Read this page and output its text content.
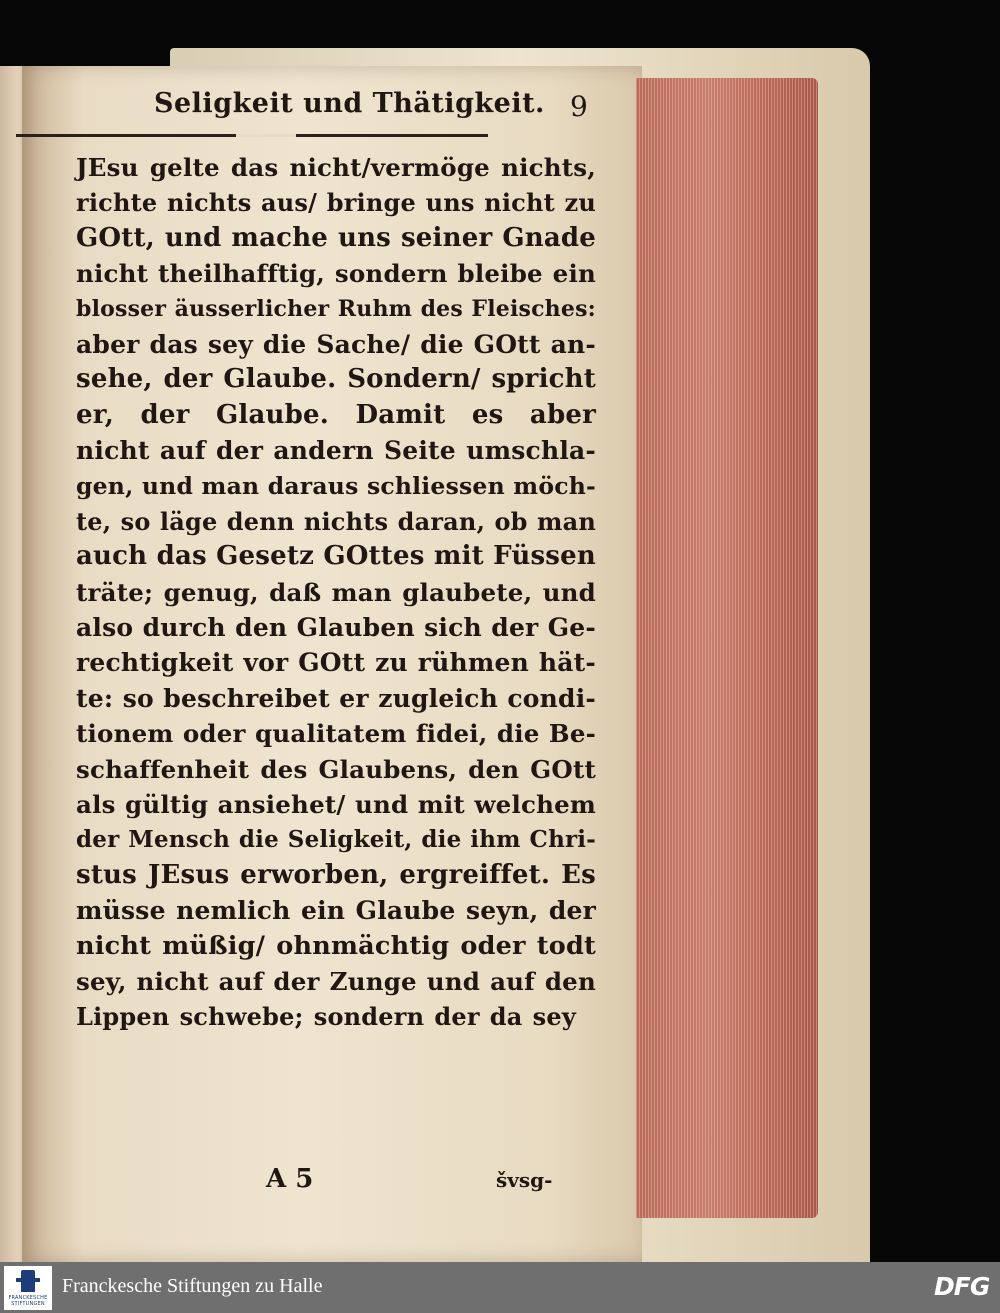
Seligkeit und Thätigkeit. 9
JEsu gelte das nicht/vermöge nichts,
richte nichts aus/ bringe uns nicht zu
GOtt, und mache uns seiner Gnade
nicht theilhafftig, sondern bleibe ein
blosser äusserlicher Ruhm des Fleisches:
aber das sey die Sache/ die GOtt an-
sehe, der Glaube. Sondern/ spricht
er, der Glaube. Damit es aber
nicht auf der andern Seite umschla-
gen, und man daraus schliessen möch-
te, so läge denn nichts daran, ob man
auch das Gesetz GOttes mit Füssen
träte; genug, daß man glaubete, und
also durch den Glauben sich der Ge-
rechtigkeit vor GOtt zu rühmen hät-
te: so beschreibet er zugleich condi-
tionem oder qualitatem fidei, die Be-
schaffenheit des Glaubens, den GOtt
als gültig ansiehet/ und mit welchem
der Mensch die Seligkeit, die ihm Chri-
stus JEsus erworben, ergreiffet. Es
müsse nemlich ein Glaube seyn, der
nicht müßig/ ohnmächtig oder todt
sey, nicht auf der Zunge und auf den
Lippen schwebe; sondern der da sey
A 5	švsg-
FRANCKESCHE STIFTUNGEN
Franckesche Stiftungen zu Halle	DFG
